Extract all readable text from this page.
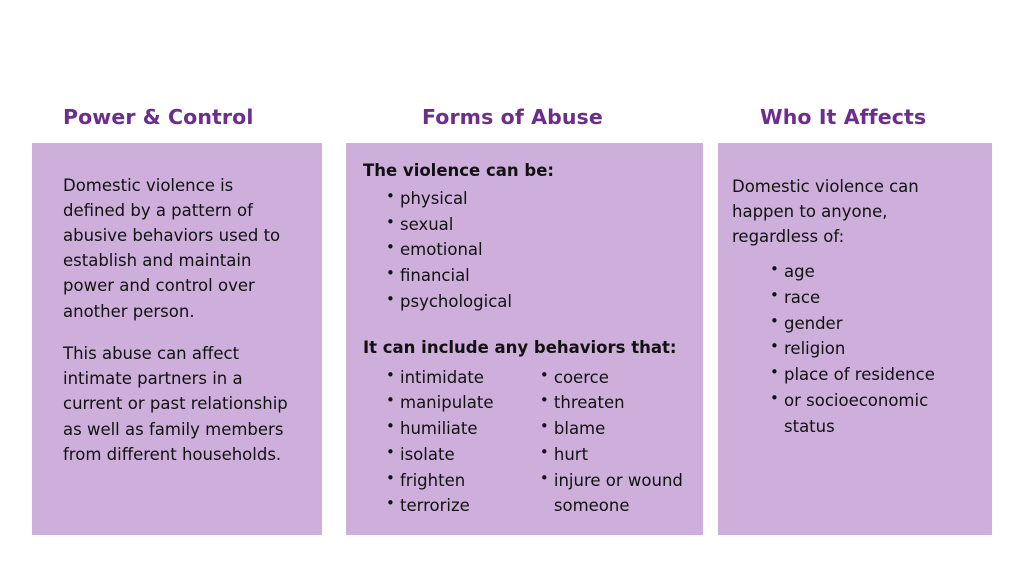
Power & Control

Domestic violence is defined by a pattern of abusive behaviors used to establish and maintain power and control over another person.

This abuse can affect intimate partners in a current or past relationship as well as family members from different households.

Forms of Abuse

The violence can be:

• physical
• sexual
• emotional
• financial
• psychological

It can include any behaviors that:

• intimidate
• manipulate
• humiliate
• isolate
• frighten
• terrorize
• coerce
• threaten
• blame
• hurt
• injure or wound someone
Who It Affects

Domestic violence can happen to anyone, regardless of:

• age
• race
• gender
• religion
• place of residence
• or socioeconomic status
